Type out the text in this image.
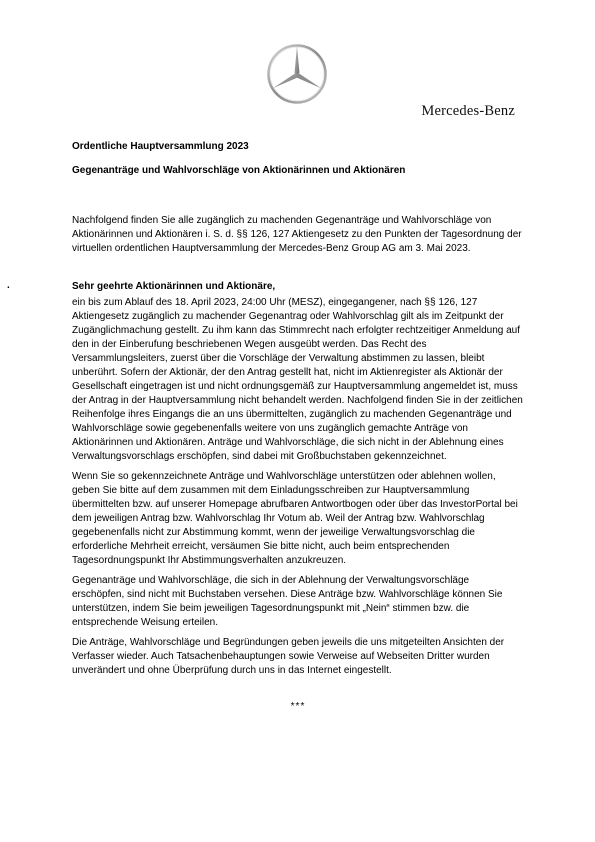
Mercedes-Benz

Ordentliche Hauptversammlung 2023

Gegenanträge und Wahlvorschläge von Aktionärinnen und Aktionären

Nachfolgend finden Sie alle zugänglich zu machenden Gegenanträge und Wahlvorschläge von Aktionärinnen und Aktionären i. S. d. §§ 126, 127 Aktiengesetz zu den Punkten der Tagesordnung der virtuellen ordentlichen Hauptversammlung der Mercedes-Benz Group AG am 3. Mai 2023.

.	Sehr geehrte Aktionärinnen und Aktionäre,

ein bis zum Ablauf des 18. April 2023, 24:00 Uhr (MESZ), eingegangener, nach §§ 126, 127 Aktiengesetz zugänglich zu machender Gegenantrag oder Wahlvorschlag gilt als im Zeitpunkt der Zugänglichmachung gestellt. Zu ihm kann das Stimmrecht nach erfolgter rechtzeitiger Anmeldung auf den in der Einberufung beschriebenen Wegen ausgeübt werden. Das Recht des Versammlungsleiters, zuerst über die Vorschläge der Verwaltung abstimmen zu lassen, bleibt unberührt. Sofern der Aktionär, der den Antrag gestellt hat, nicht im Aktienregister als Aktionär der Gesellschaft eingetragen ist und nicht ordnungsgemäß zur Hauptversammlung angemeldet ist, muss der Antrag in der Hauptversammlung nicht behandelt werden. Nachfolgend finden Sie in der zeitlichen Reihenfolge ihres Eingangs die an uns übermittelten, zugänglich zu machenden Gegenanträge und Wahlvorschläge sowie gegebenenfalls weitere von uns zugänglich gemachte Anträge von Aktionärinnen und Aktionären. Anträge und Wahlvorschläge, die sich nicht in der Ablehnung eines Verwaltungsvorschlags erschöpfen, sind dabei mit Großbuchstaben gekennzeichnet.

Wenn Sie so gekennzeichnete Anträge und Wahlvorschläge unterstützen oder ablehnen wollen, geben Sie bitte auf dem zusammen mit dem Einladungsschreiben zur Hauptversammlung übermittelten bzw. auf unserer Homepage abrufbaren Antwortbogen oder über das InvestorPortal bei dem jeweiligen Antrag bzw. Wahlvorschlag Ihr Votum ab. Weil der Antrag bzw. Wahlvorschlag gegebenenfalls nicht zur Abstimmung kommt, wenn der jeweilige Verwaltungsvorschlag die erforderliche Mehrheit erreicht, versäumen Sie bitte nicht, auch beim entsprechenden Tagesordnungspunkt Ihr Abstimmungsverhalten anzukreuzen.

Gegenanträge und Wahlvorschläge, die sich in der Ablehnung der Verwaltungsvorschläge erschöpfen, sind nicht mit Buchstaben versehen. Diese Anträge bzw. Wahlvorschläge können Sie unterstützen, indem Sie beim jeweiligen Tagesordnungspunkt mit „Nein“ stimmen bzw. die entsprechende Weisung erteilen.

Die Anträge, Wahlvorschläge und Begründungen geben jeweils die uns mitgeteilten Ansichten der Verfasser wieder. Auch Tatsachenbehauptungen sowie Verweise auf Webseiten Dritter wurden unverändert und ohne Überprüfung durch uns in das Internet eingestellt.

***
